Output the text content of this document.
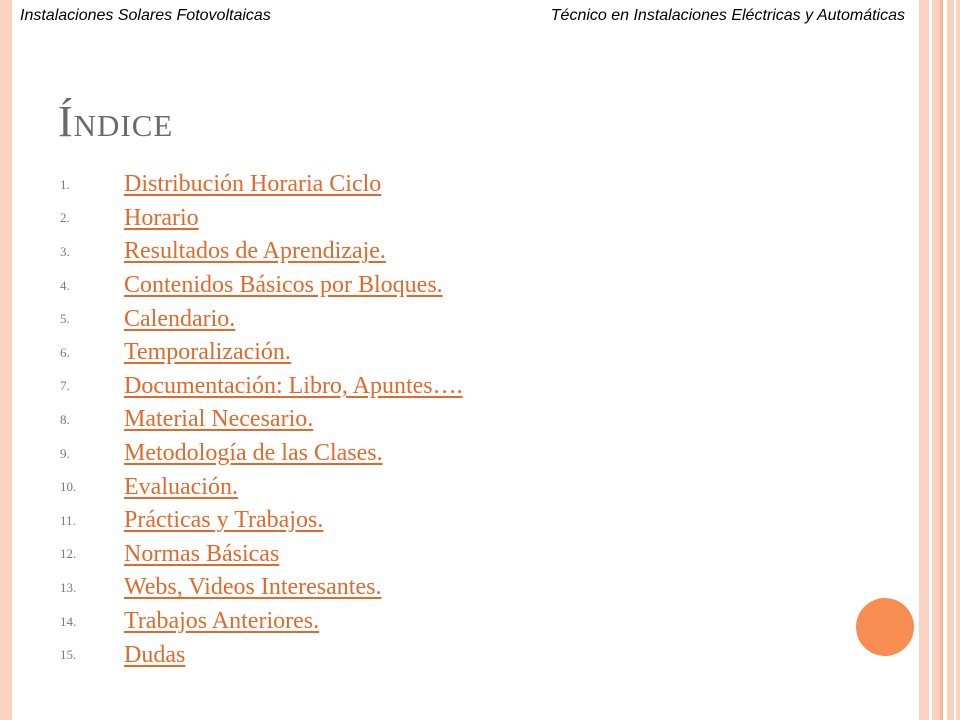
Instalaciones Solares Fotovoltaicas	Técnico en Instalaciones Eléctricas y Automáticas
Índice
1.	Distribución Horaria Ciclo
2.	Horario
3.	Resultados de Aprendizaje.
4.	Contenidos Básicos por Bloques.
5.	Calendario.
6.	Temporalización.
7.	Documentación: Libro, Apuntes….
8.	Material Necesario.
9.	Metodología de las Clases.
10.	Evaluación.
11.	Prácticas y Trabajos.
12.	Normas Básicas
13.	Webs, Videos Interesantes.
14.	Trabajos Anteriores.
15.	Dudas
